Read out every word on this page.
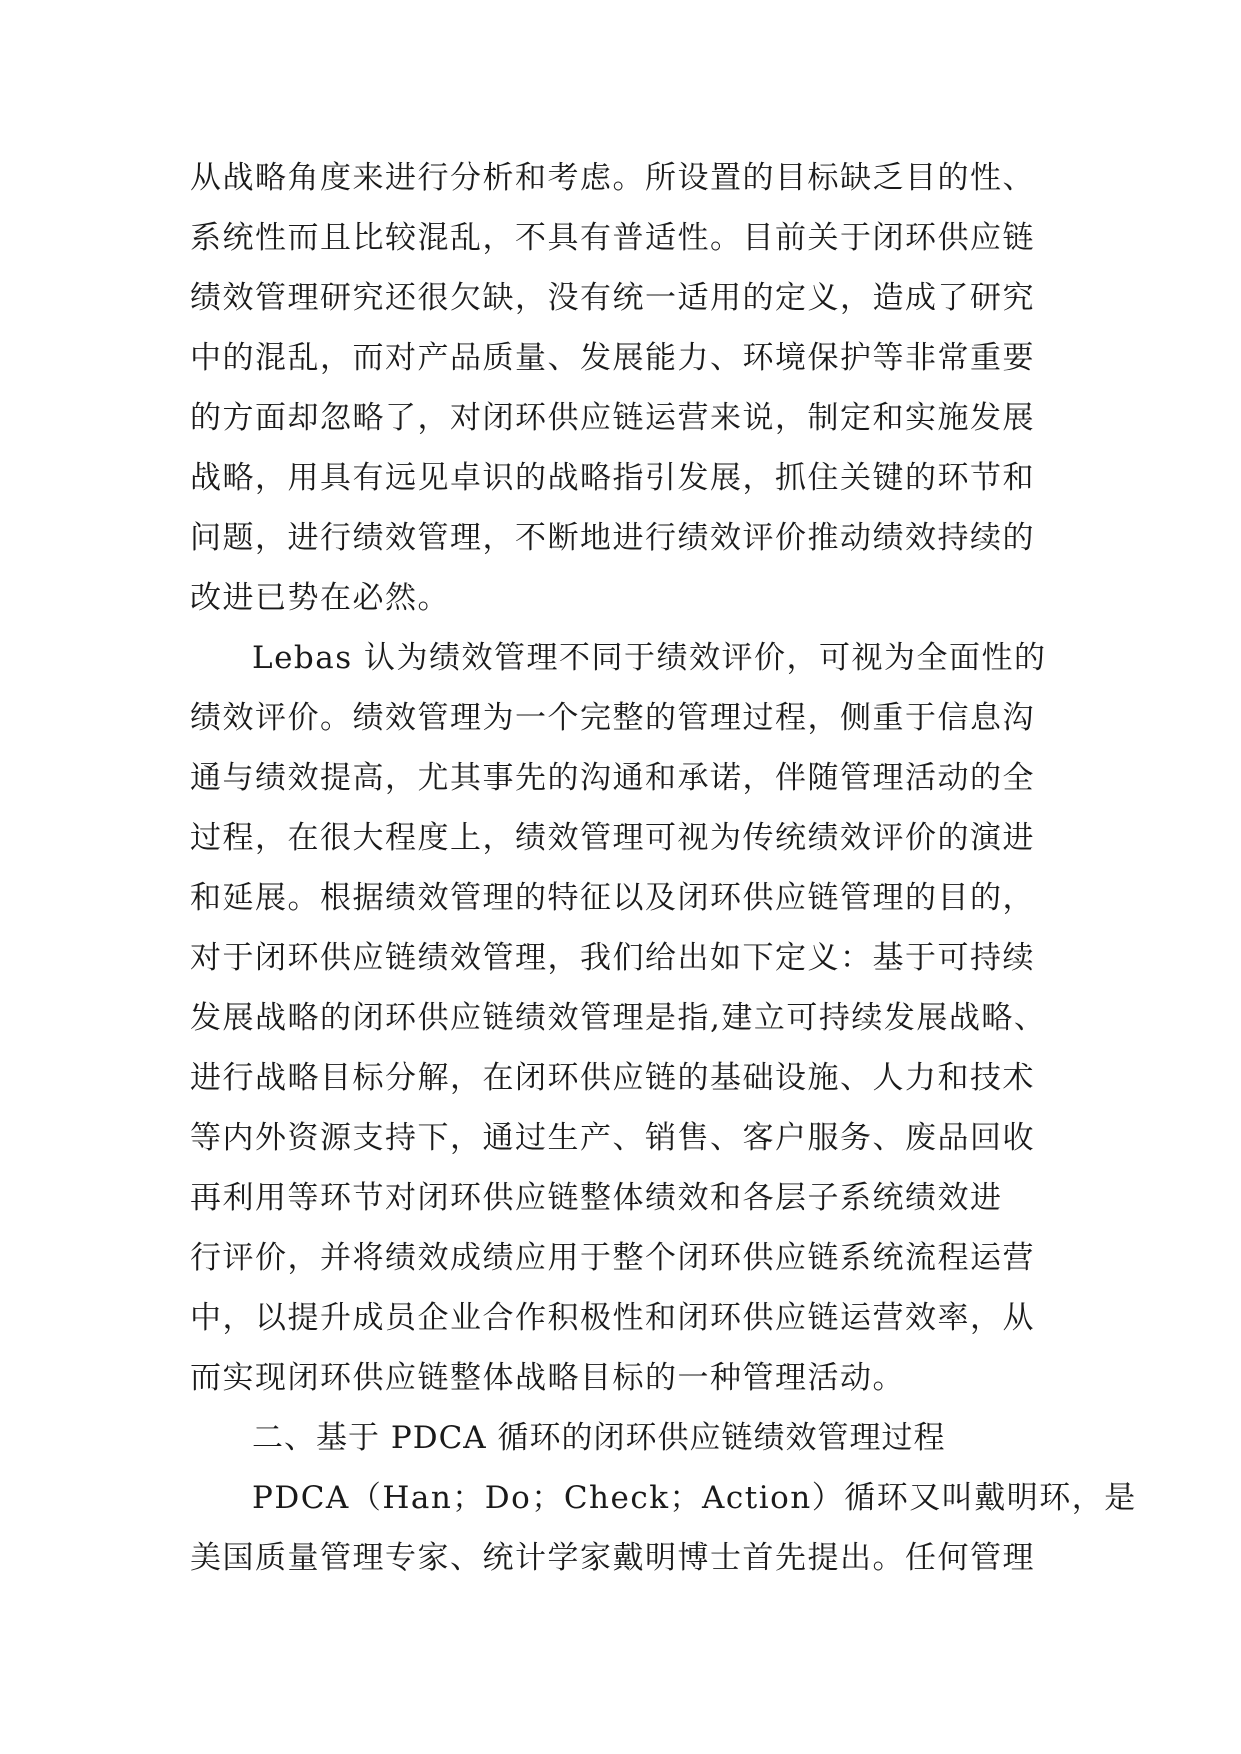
从战略角度来进行分析和考虑。所设置的目标缺乏目的性、
系统性而且比较混乱，不具有普适性。目前关于闭环供应链
绩效管理研究还很欠缺，没有统一适用的定义，造成了研究
中的混乱，而对产品质量、发展能力、环境保护等非常重要
的方面却忽略了，对闭环供应链运营来说，制定和实施发展
战略，用具有远见卓识的战略指引发展，抓住关键的环节和
问题，进行绩效管理，不断地进行绩效评价推动绩效持续的
改进已势在必然。
Lebas 认为绩效管理不同于绩效评价，可视为全面性的
绩效评价。绩效管理为一个完整的管理过程，侧重于信息沟
通与绩效提高，尤其事先的沟通和承诺，伴随管理活动的全
过程，在很大程度上，绩效管理可视为传统绩效评价的演进
和延展。根据绩效管理的特征以及闭环供应链管理的目的，
对于闭环供应链绩效管理，我们给出如下定义：基于可持续
发展战略的闭环供应链绩效管理是指,建立可持续发展战略、
进行战略目标分解，在闭环供应链的基础设施、人力和技术
等内外资源支持下，通过生产、销售、客户服务、废品回收
再利用等环节对闭环供应链整体绩效和各层子系统绩效进
行评价，并将绩效成绩应用于整个闭环供应链系统流程运营
中，以提升成员企业合作积极性和闭环供应链运营效率，从
而实现闭环供应链整体战略目标的一种管理活动。
二、基于 PDCA 循环的闭环供应链绩效管理过程
PDCA（Han；Do；Check；Action）循环又叫戴明环，是
美国质量管理专家、统计学家戴明博士首先提出。任何管理
